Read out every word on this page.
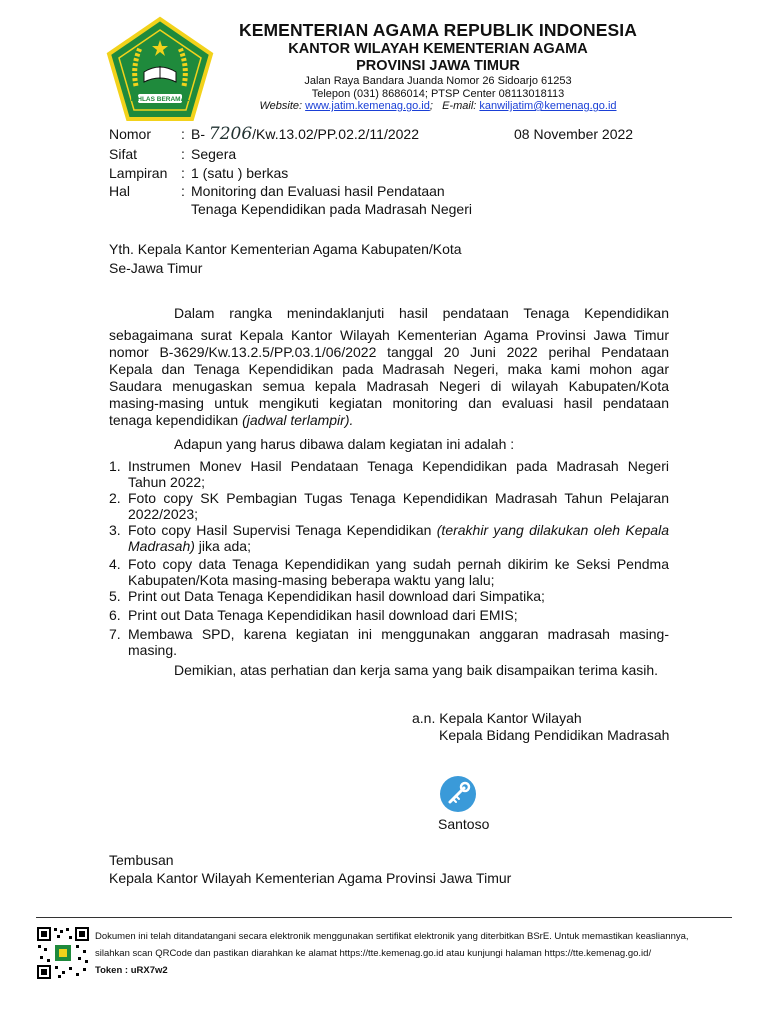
IKHLAS BERAMAL
KEMENTERIAN AGAMA REPUBLIK INDONESIA
KANTOR WILAYAH KEMENTERIAN AGAMA
PROVINSI JAWA TIMUR
Jalan Raya Bandara Juanda Nomor 26 Sidoarjo 61253
Telepon (031) 8686014; PTSP Center 08113018113
Website: www.jatim.kemenag.go.id;   E-mail: kanwiljatim@kemenag.go.id
Nomor : B- 7206/Kw.13.02/PP.02.2/11/2022	08 November 2022
Sifat	: Segera
Lampiran : 1 (satu ) berkas
Hal	: Monitoring dan Evaluasi hasil Pendataan
Tenaga Kependidikan pada Madrasah Negeri
Yth. Kepala Kantor Kementerian Agama Kabupaten/Kota
Se-Jawa Timur
Dalam rangka menindaklanjuti hasil pendataan Tenaga Kependidikan
sebagaimana surat Kepala Kantor Wilayah Kementerian Agama Provinsi Jawa Timur
nomor B-3629/Kw.13.2.5/PP.03.1/06/2022 tanggal 20 Juni 2022 perihal Pendataan
Kepala dan Tenaga Kependidikan pada Madrasah Negeri, maka kami mohon agar
Saudara menugaskan semua kepala Madrasah Negeri di wilayah Kabupaten/Kota
masing-masing untuk mengikuti kegiatan monitoring dan evaluasi hasil pendataan
tenaga kependidikan (jadwal terlampir).
Adapun yang harus dibawa dalam kegiatan ini adalah :
1. Instrumen Monev Hasil Pendataan Tenaga Kependidikan pada Madrasah Negeri
Tahun 2022;
2. Foto copy SK Pembagian Tugas Tenaga Kependidikan Madrasah Tahun Pelajaran
2022/2023;
3. Foto copy Hasil Supervisi Tenaga Kependidikan (terakhir yang dilakukan oleh Kepala
Madrasah) jika ada;
4. Foto copy data Tenaga Kependidikan yang sudah pernah dikirim ke Seksi Pendma
Kabupaten/Kota masing-masing beberapa waktu yang lalu;
5. Print out Data Tenaga Kependidikan hasil download dari Simpatika;
6. Print out Data Tenaga Kependidikan hasil download dari EMIS;
7. Membawa SPD, karena kegiatan ini menggunakan anggaran madrasah masing-
masing.
Demikian, atas perhatian dan kerja sama yang baik disampaikan terima kasih.
a.n. Kepala Kantor Wilayah
Kepala Bidang Pendidikan Madrasah
Santoso
Tembusan
Kepala Kantor Wilayah Kementerian Agama Provinsi Jawa Timur
Dokumen ini telah ditandatangani secara elektronik menggunakan sertifikat elektronik yang diterbitkan BSrE. Untuk memastikan keasliannya,
silahkan scan QRCode dan pastikan diarahkan ke alamat https://tte.kemenag.go.id atau kunjungi halaman https://tte.kemenag.go.id/
Token : uRX7w2
